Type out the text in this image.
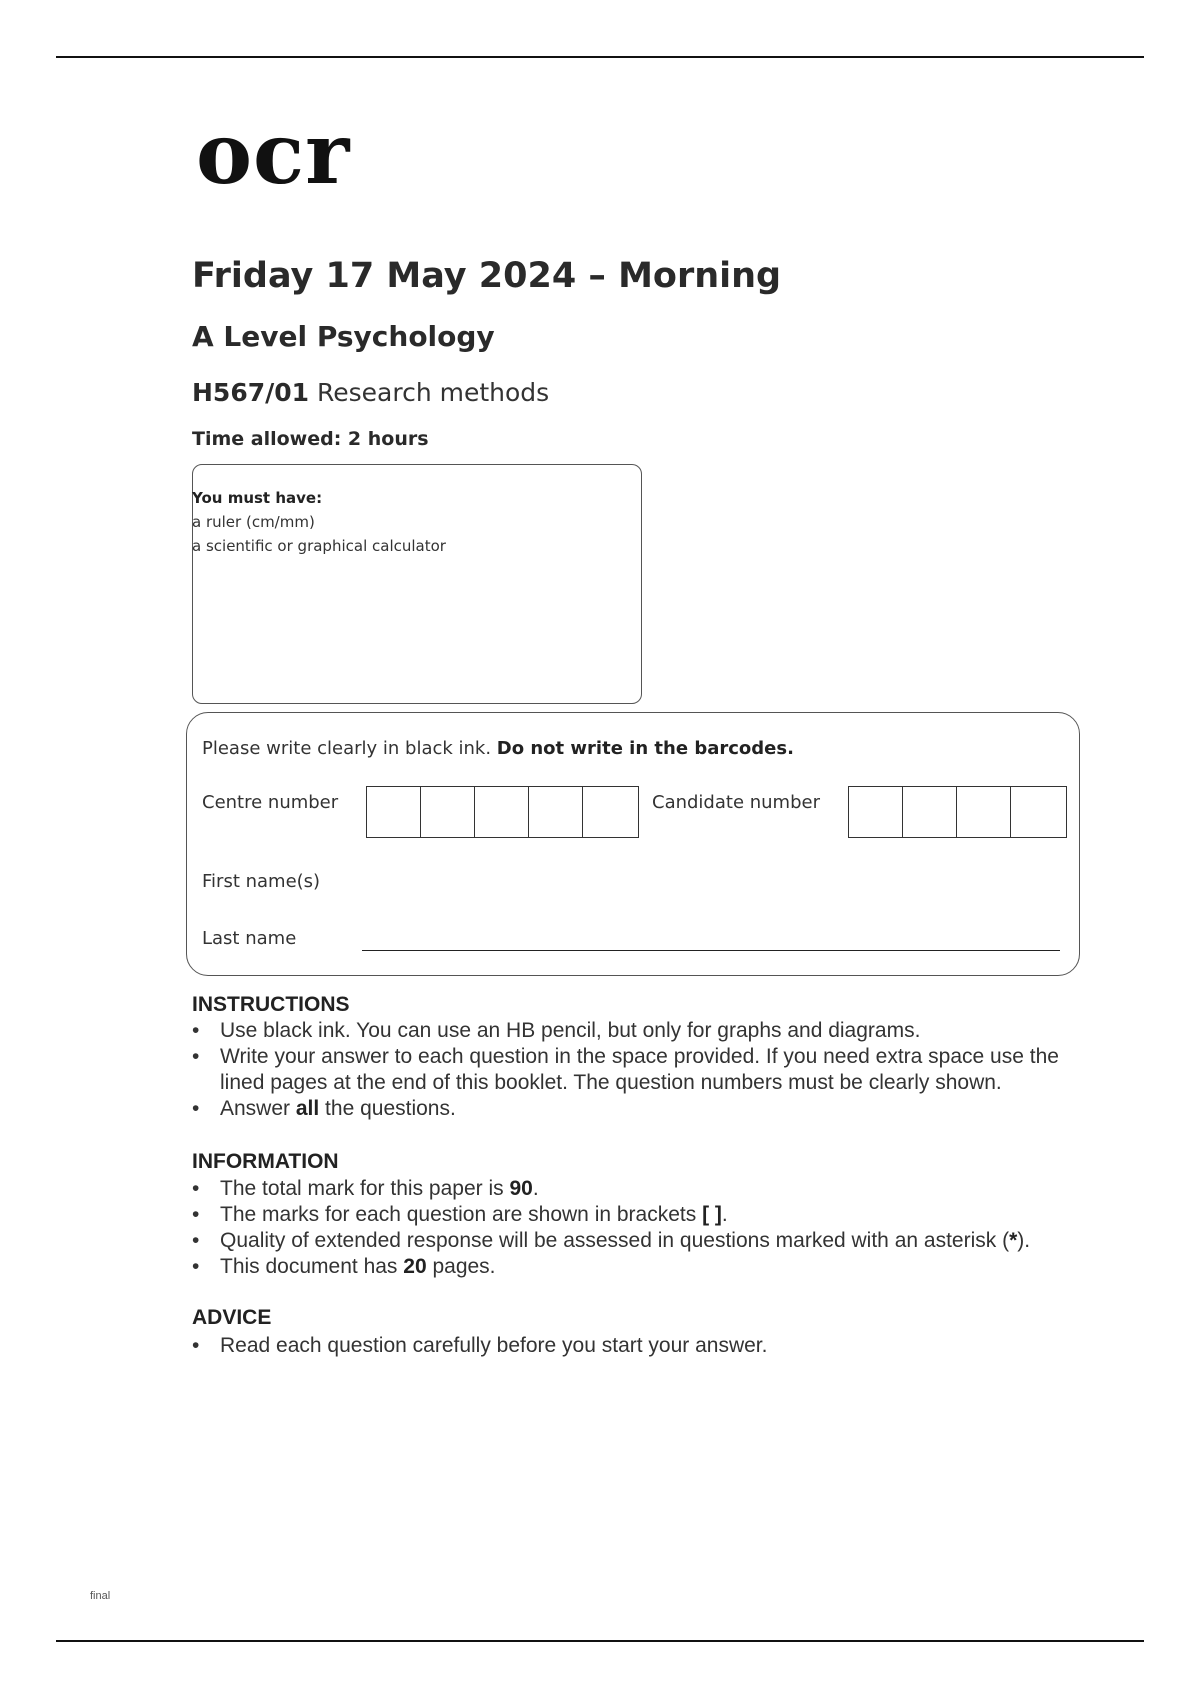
ocr
Friday 17 May 2024 – Morning
A Level Psychology
H567/01 Research methods
Time allowed: 2 hours
You must have:
a ruler (cm/mm)
a scientific or graphical calculator
Please write clearly in black ink. Do not write in the barcodes.
Centre number	Candidate number
First name(s)
Last name
INSTRUCTIONS
• Use black ink. You can use an HB pencil, but only for graphs and diagrams.
• Write your answer to each question in the space provided. If you need extra space use the lined pages at the end of this booklet. The question numbers must be clearly shown.
• Answer all the questions.
INFORMATION
• The total mark for this paper is 90.
• The marks for each question are shown in brackets [ ].
• Quality of extended response will be assessed in questions marked with an asterisk (*).
• This document has 20 pages.
ADVICE
• Read each question carefully before you start your answer.
final
